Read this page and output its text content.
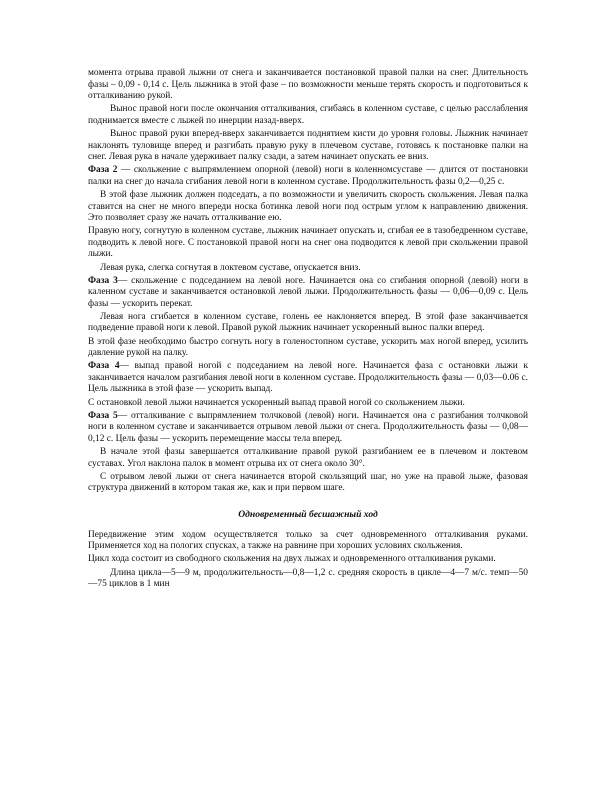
момента отрыва правой лыжни от снега и заканчивается постановкой правой палки на снег. Длительность фазы – 0,09 - 0,14 с. Цель лыжника в этой фазе – по возможности меньше терять скорость и подготовиться к отталкиванию рукой.

Вынос правой ноги после окончания отталкивания, сгибаясь в коленном суставе, с целью расслабления поднимается вместе с лыжей по инерции назад-вверх.

Вынос правой руки вперед-вверх заканчивается поднятием кисти до уровня головы. Лыжник начинает наклонять туловище вперед и разгибать правую руку в плечевом суставе, готовясь к постановке палки на снег. Левая рука в начале удерживает палку сзади, а затем начинает опускать ее вниз.

Фаза 2 — скольжение с выпрямлением опорной (левой) ноги в коленномсуставе — длится от постановки палки на снег до начала сгибания левой ноги в коленном суставе. Продолжительность фазы 0,2—0,25 с.

В этой фазе лыжник должен подседать, а по возможности и увеличить скорость скольжения. Левая палка ставится на снег не много впереди носка ботинка левой ноги под острым углом к направлению движения. Это позволяет сразу же начать отталкивание ею.

Правую ногу, согнутую в коленном суставе, лыжник начинает опускать и, сгибая ее в тазобедренном суставе, подводить к левой ноге. С постановкой правой ноги на снег она подводится к левой при скольжении правой лыжи.

Левая рука, слегка согнутая в локтевом суставе, опускается вниз.

Фаза 3— скольжение с подседанием на левой ноге. Начинается она со сгибания опорной (левой) ноги в каленном суставе и заканчивается остановкой левой лыжи. Продолжительность фазы — 0,06—0,09 с. Цель фазы — ускорить перекат.

Левая нога сгибается в коленном суставе, голень ее наклоняется вперед. В этой фазе заканчивается подведение правой ноги к левой. Правой рукой лыжник начинает ускоренный вынос палки вперед.

В этой фазе необходимо быстро согнуть ногу в голеностопном суставе, ускорить мах ногой вперед, усилить давление рукой на палку.

Фаза 4— выпад правой ногой с подседанием на левой ноге. Начинается фаза с остановки лыжи к заканчивается началом разгибания левой ноги в коленном суставе. Продолжительность фазы — 0,03—0.06 с. Цель лыжника в этой фазе — ускорить выпад.

С остановкой левой лыжи начинается ускоренный выпад правой ногой со скольжением лыжи.

Фаза 5— отталкивание с выпрямлением толчковой (левой) ноги. Начинается она с разгибания толчковой ноги в коленном суставе и заканчивается отрывом левой лыжи от снега. Продолжительность фазы — 0,08—0,12 с. Цель фазы — ускорить перемещение массы тела вперед.

В начале этой фазы завершается отталкивание правой рукой разгибанием ее в плечевом и локтевом суставах. Угол наклона палок в момент отрыва их от снега около 30°.

С отрывом левой лыжи от снега начинается второй скользящий шаг, но уже на правой лыже, фазовая структура движений в котором такая же, как и при первом шаге.

Одновременный бесшажный ход

Передвижение этим ходом осуществляется только за счет одновременного отталкивания руками. Применяется ход на пологих спусках, а также на равнине при хороших условиях скольжения.

Цикл хода состоит из свободного скольжения на двух лыжах и одновременного отталкивания руками.

Длина цикла—5—9 м, продолжительность—0,8—1,2 с. средняя скорость в цикле—4—7 м/с. темп—50—75 циклов в 1 мин
